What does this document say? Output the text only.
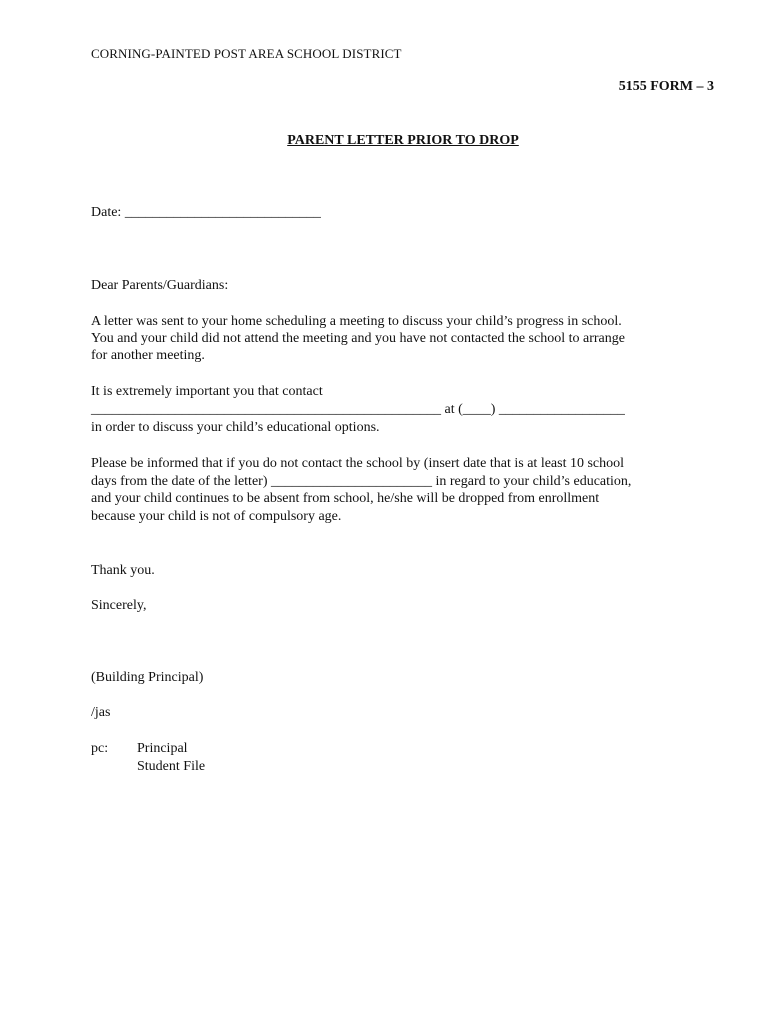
CORNING-PAINTED POST AREA SCHOOL DISTRICT
5155 FORM – 3
PARENT LETTER PRIOR TO DROP
Date: ____________________________
Dear Parents/Guardians:
A letter was sent to your home scheduling a meeting to discuss your child’s progress in school.
You and your child did not attend the meeting and you have not contacted the school to arrange
for another meeting.
It is extremely important you that contact
__________________________________________________ at (____) __________________
in order to discuss your child’s educational options.
Please be informed that if you do not contact the school by (insert date that is at least 10 school
days from the date of the letter) _______________________ in regard to your child’s education,
and your child continues to be absent from school, he/she will be dropped from enrollment
because your child is not of compulsory age.
Thank you.
Sincerely,
(Building Principal)
/jas
pc: Principal
Student File
